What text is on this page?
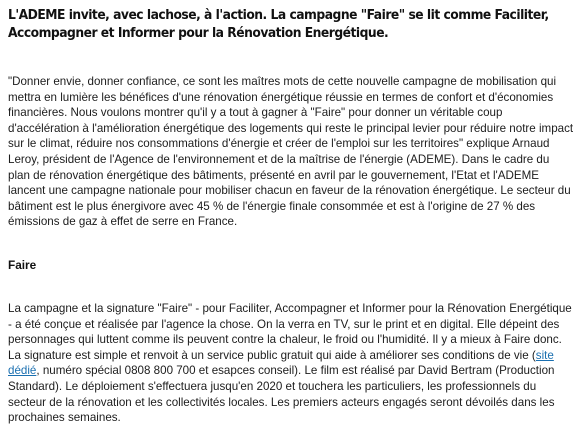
L'ADEME invite, avec lachose, à l'action. La campagne "Faire" se lit comme Faciliter, Accompagner et Informer pour la Rénovation Energétique.

"Donner envie, donner confiance, ce sont les maîtres mots de cette nouvelle campagne de mobilisation qui mettra en lumière les bénéfices d'une rénovation énergétique réussie en termes de confort et d'économies financières. Nous voulons montrer qu'il y a tout à gagner à "Faire" pour donner un véritable coup d'accélération à l'amélioration énergétique des logements qui reste le principal levier pour réduire notre impact sur le climat, réduire nos consommations d'énergie et créer de l'emploi sur les territoires" explique Arnaud Leroy, président de l'Agence de l'environnement et de la maîtrise de l'énergie (ADEME). Dans le cadre du plan de rénovation énergétique des bâtiments, présenté en avril par le gouvernement, l'Etat et l'ADEME lancent une campagne nationale pour mobiliser chacun en faveur de la rénovation énergétique. Le secteur du bâtiment est le plus énergivore avec 45 % de l'énergie finale consommée et est à l'origine de 27 % des émissions de gaz à effet de serre en France.

Faire

La campagne et la signature "Faire" - pour Faciliter, Accompagner et Informer pour la Rénovation Energétique - a été conçue et réalisée par l'agence la chose. On la verra en TV, sur le print et en digital. Elle dépeint des personnages qui luttent comme ils peuvent contre la chaleur, le froid ou l'humidité. Il y a mieux à Faire donc. La signature est simple et renvoit à un service public gratuit qui aide à améliorer ses conditions de vie (site dédié, numéro spécial 0808 800 700 et esapces conseil). Le film est réalisé par David Bertram (Production Standard). Le déploiement s'effectuera jusqu'en 2020 et touchera les particuliers, les professionnels du secteur de la rénovation et les collectivités locales. Les premiers acteurs engagés seront dévoilés dans les prochaines semaines.
